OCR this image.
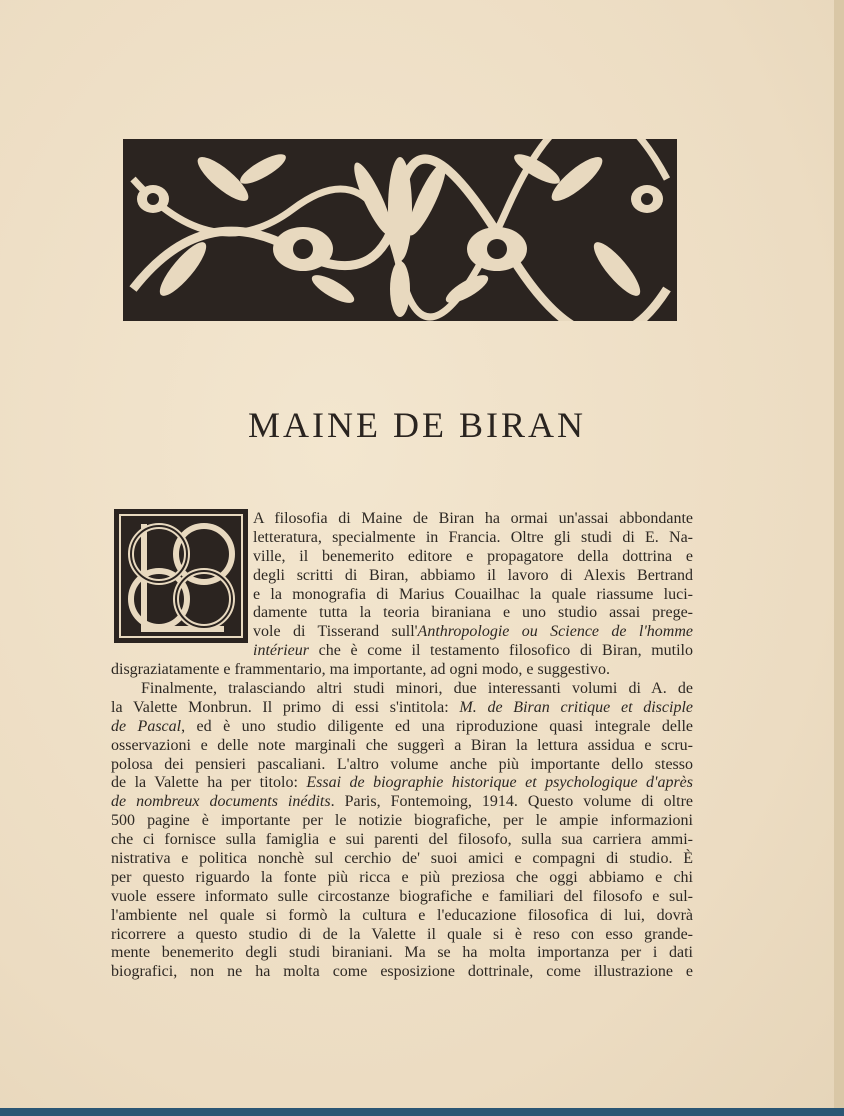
MAINE DE BIRAN
A filosofia di Maine de Biran ha ormai un'assai abbondante
letteratura, specialmente in Francia. Oltre gli studi di E. Na-
ville, il benemerito editore e propagatore della dottrina e
degli scritti di Biran, abbiamo il lavoro di Alexis Bertrand
e la monografia di Marius Couailhac la quale riassume luci-
damente tutta la teoria biraniana e uno studio assai prege-
vole di Tisserand sull'Anthropologie ou Science de l'homme
intérieur che è come il testamento filosofico di Biran, mutilo
disgraziatamente e frammentario, ma importante, ad ogni modo, e suggestivo.
Finalmente, tralasciando altri studi minori, due interessanti volumi di A. de
la Valette Monbrun. Il primo di essi s'intitola: M. de Biran critique et disciple
de Pascal, ed è uno studio diligente ed una riproduzione quasi integrale delle
osservazioni e delle note marginali che suggerì a Biran la lettura assidua e scru-
polosa dei pensieri pascaliani. L'altro volume anche più importante dello stesso
de la Valette ha per titolo: Essai de biographie historique et psychologique d'après
de nombreux documents inédits. Paris, Fontemoing, 1914. Questo volume di oltre
500 pagine è importante per le notizie biografiche, per le ampie informazioni
che ci fornisce sulla famiglia e sui parenti del filosofo, sulla sua carriera ammi-
nistrativa e politica nonchè sul cerchio de' suoi amici e compagni di studio. È
per questo riguardo la fonte più ricca e più preziosa che oggi abbiamo e chi
vuole essere informato sulle circostanze biografiche e familiari del filosofo e sul-
l'ambiente nel quale si formò la cultura e l'educazione filosofica di lui, dovrà
ricorrere a questo studio di de la Valette il quale si è reso con esso grande-
mente benemerito degli studi biraniani. Ma se ha molta importanza per i dati
biografici, non ne ha molta come esposizione dottrinale, come illustrazione e
